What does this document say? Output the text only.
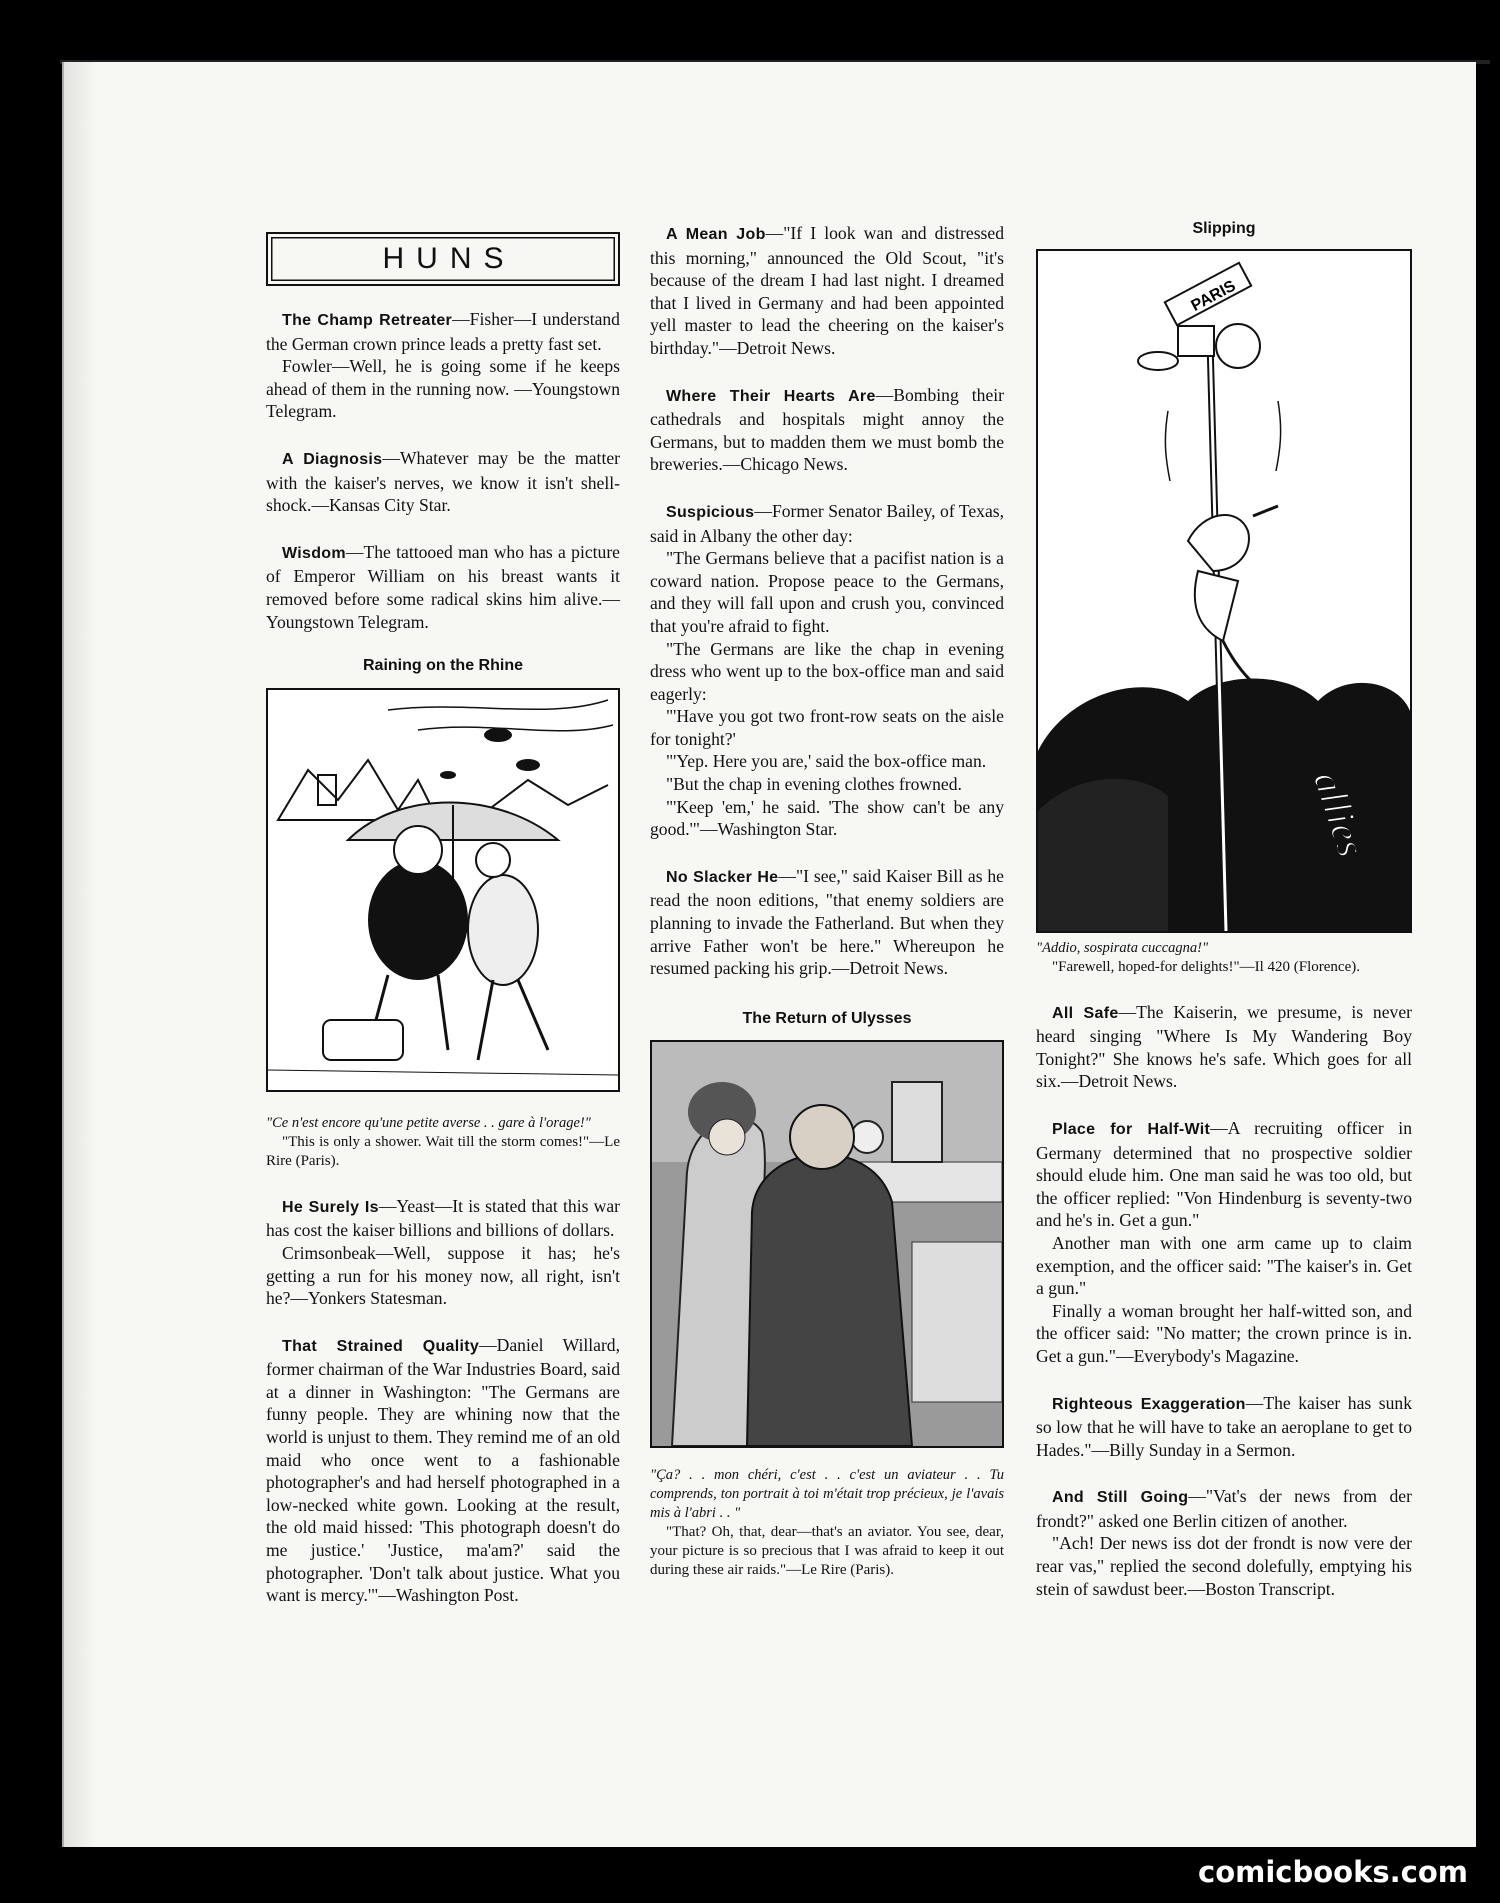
HUNS

The Champ Retreater—Fisher—I understand the German crown prince leads a pretty fast set.

Fowler—Well, he is going some if he keeps ahead of them in the running now. —Youngstown Telegram.

A Diagnosis—Whatever may be the matter with the kaiser's nerves, we know it isn't shell-shock.—Kansas City Star.

Wisdom—The tattooed man who has a picture of Emperor William on his breast wants it removed before some radical skins him alive.—Youngstown Telegram.

Raining on the Rhine

"Ce n'est encore qu'une petite averse . . gare à l'orage!"

"This is only a shower. Wait till the storm comes!"—Le Rire (Paris).

He Surely Is—Yeast—It is stated that this war has cost the kaiser billions and billions of dollars.

Crimsonbeak—Well, suppose it has; he's getting a run for his money now, all right, isn't he?—Yonkers Statesman.

That Strained Quality—Daniel Willard, former chairman of the War Industries Board, said at a dinner in Washington: "The Germans are funny people. They are whining now that the world is unjust to them. They remind me of an old maid who once went to a fashionable photographer's and had herself photographed in a low-necked white gown. Looking at the result, the old maid hissed: 'This photograph doesn't do me justice.' 'Justice, ma'am?' said the photographer. 'Don't talk about justice. What you want is mercy.'"—Washington Post.

A Mean Job—"If I look wan and distressed this morning," announced the Old Scout, "it's because of the dream I had last night. I dreamed that I lived in Germany and had been appointed yell master to lead the cheering on the kaiser's birthday."—Detroit News.

Where Their Hearts Are—Bombing their cathedrals and hospitals might annoy the Germans, but to madden them we must bomb the breweries.—Chicago News.

Suspicious—Former Senator Bailey, of Texas, said in Albany the other day:

"The Germans believe that a pacifist nation is a coward nation. Propose peace to the Germans, and they will fall upon and crush you, convinced that you're afraid to fight.

"The Germans are like the chap in evening dress who went up to the box-office man and said eagerly:

"'Have you got two front-row seats on the aisle for tonight?'

"'Yep. Here you are,' said the box-office man.

"But the chap in evening clothes frowned.

"'Keep 'em,' he said. 'The show can't be any good.'"—Washington Star.

No Slacker He—"I see," said Kaiser Bill as he read the noon editions, "that enemy soldiers are planning to invade the Fatherland. But when they arrive Father won't be here." Whereupon he resumed packing his grip.—Detroit News.

The Return of Ulysses

"Ça? . . mon chéri, c'est . . c'est un aviateur . . Tu comprends, ton portrait à toi m'était trop précieux, je l'avais mis à l'abri . . "

"That? Oh, that, dear—that's an aviator. You see, dear, your picture is so precious that I was afraid to keep it out during these air raids."—Le Rire (Paris).

Slipping
PARIS
allies

"Addio, sospirata cuccagna!"

"Farewell, hoped-for delights!"—Il 420 (Florence).

All Safe—The Kaiserin, we presume, is never heard singing "Where Is My Wandering Boy Tonight?" She knows he's safe. Which goes for all six.—Detroit News.

Place for Half-Wit—A recruiting officer in Germany determined that no prospective soldier should elude him. One man said he was too old, but the officer replied: "Von Hindenburg is seventy-two and he's in. Get a gun."

Another man with one arm came up to claim exemption, and the officer said: "The kaiser's in. Get a gun."

Finally a woman brought her half-witted son, and the officer said: "No matter; the crown prince is in. Get a gun."—Everybody's Magazine.

Righteous Exaggeration—The kaiser has sunk so low that he will have to take an aeroplane to get to Hades."—Billy Sunday in a Sermon.

And Still Going—"Vat's der news from der frondt?" asked one Berlin citizen of another.

"Ach! Der news iss dot der frondt is now vere der rear vas," replied the second dolefully, emptying his stein of sawdust beer.—Boston Transcript.

comicbooks.com
